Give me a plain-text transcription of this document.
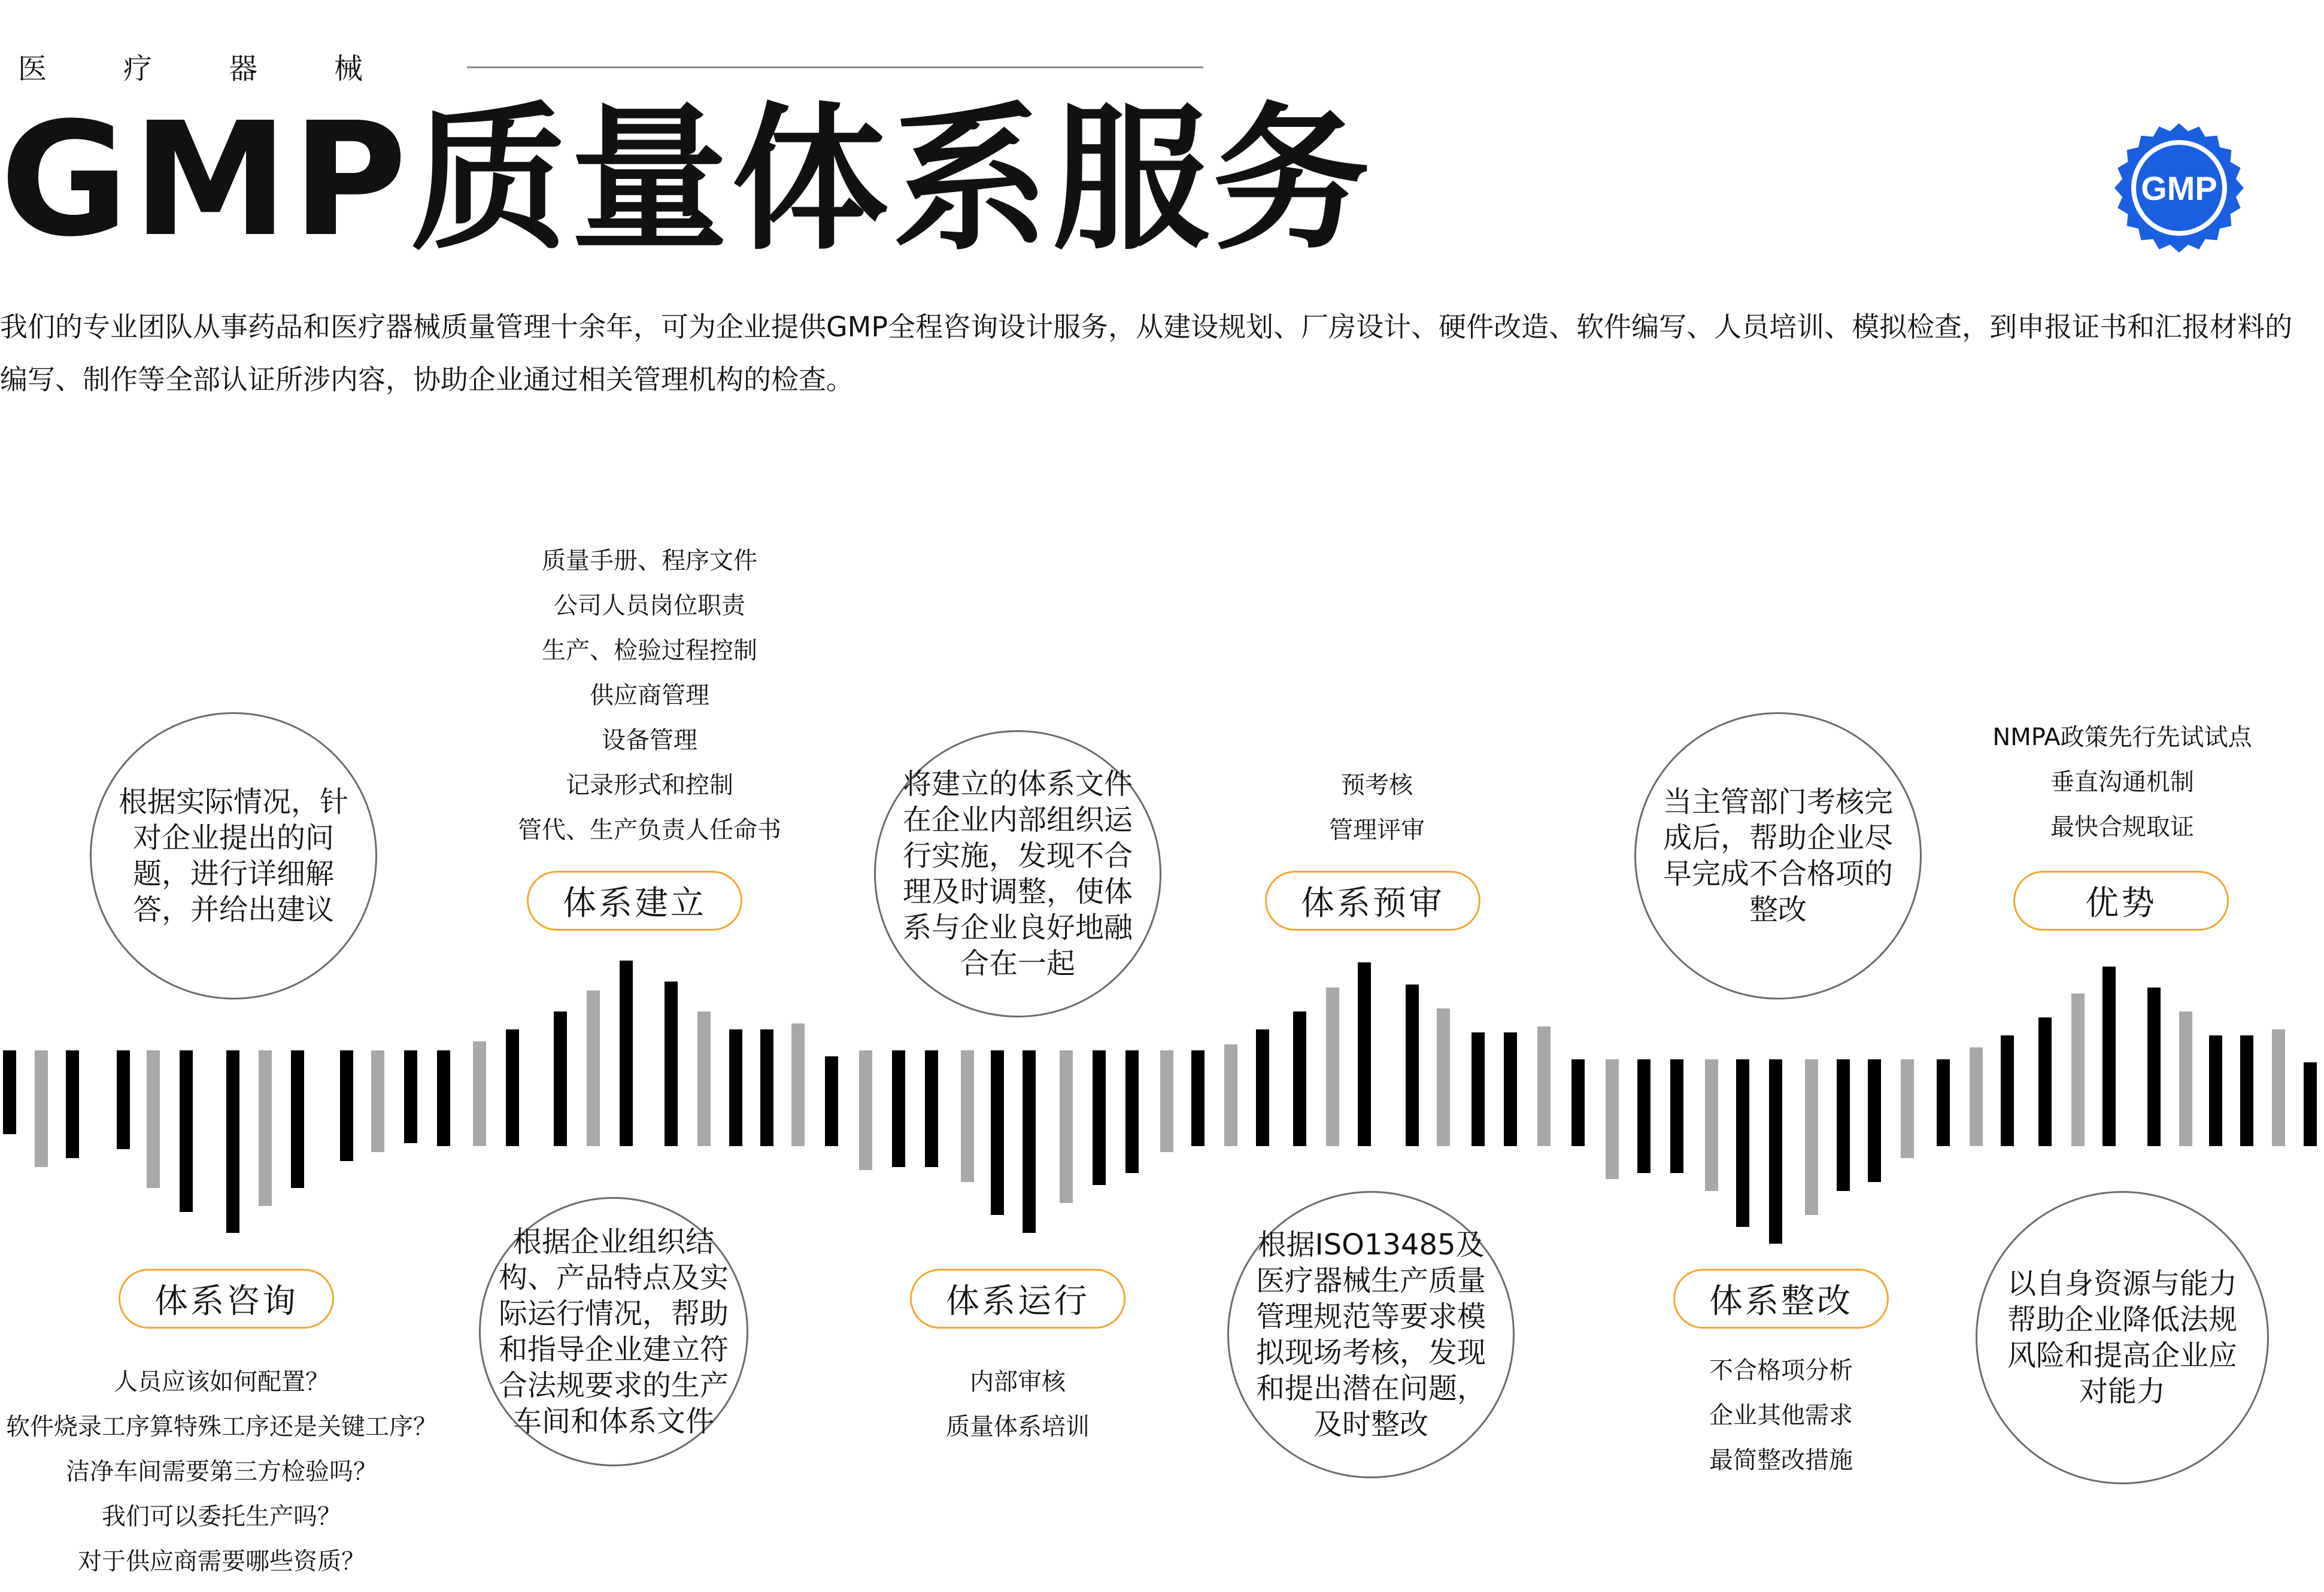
医疗器械
GMP质量体系服务	GMP
我们的专业团队从事药品和医疗器械质量管理十余年，可为企业提供GMP全程咨询设计服务，从建设规划、厂房设计、硬件改造、软件编写、人员培训、模拟检查，到申报证书和汇报材料的编写、制作等全部认证所涉内容，协助企业通过相关管理机构的检查。
根据实际情况，针对企业提出的问题，进行详细解答，并给出建议
体系咨询
人员应该如何配置？
软件烧录工序算特殊工序还是关键工序？
洁净车间需要第三方检验吗？
我们可以委托生产吗？
对于供应商需要哪些资质？
质量手册、程序文件
公司人员岗位职责
生产、检验过程控制
供应商管理
设备管理
记录形式和控制
管代、生产负责人任命书
体系建立
根据企业组织结构、产品特点及实际运行情况，帮助和指导企业建立符合法规要求的生产车间和体系文件
将建立的体系文件在企业内部组织运行实施，发现不合理及时调整，使体系与企业良好地融合在一起
体系运行
内部审核
质量体系培训
预考核
管理评审
体系预审
根据ISO13485及医疗器械生产质量管理规范等要求模拟现场考核，发现和提出潜在问题，及时整改
当主管部门考核完成后，帮助企业尽早完成不合格项的整改
体系整改
不合格项分析
企业其他需求
最简整改措施
NMPA政策先行先试试点
垂直沟通机制
最快合规取证
优势
以自身资源与能力帮助企业降低法规风险和提高企业应对能力
